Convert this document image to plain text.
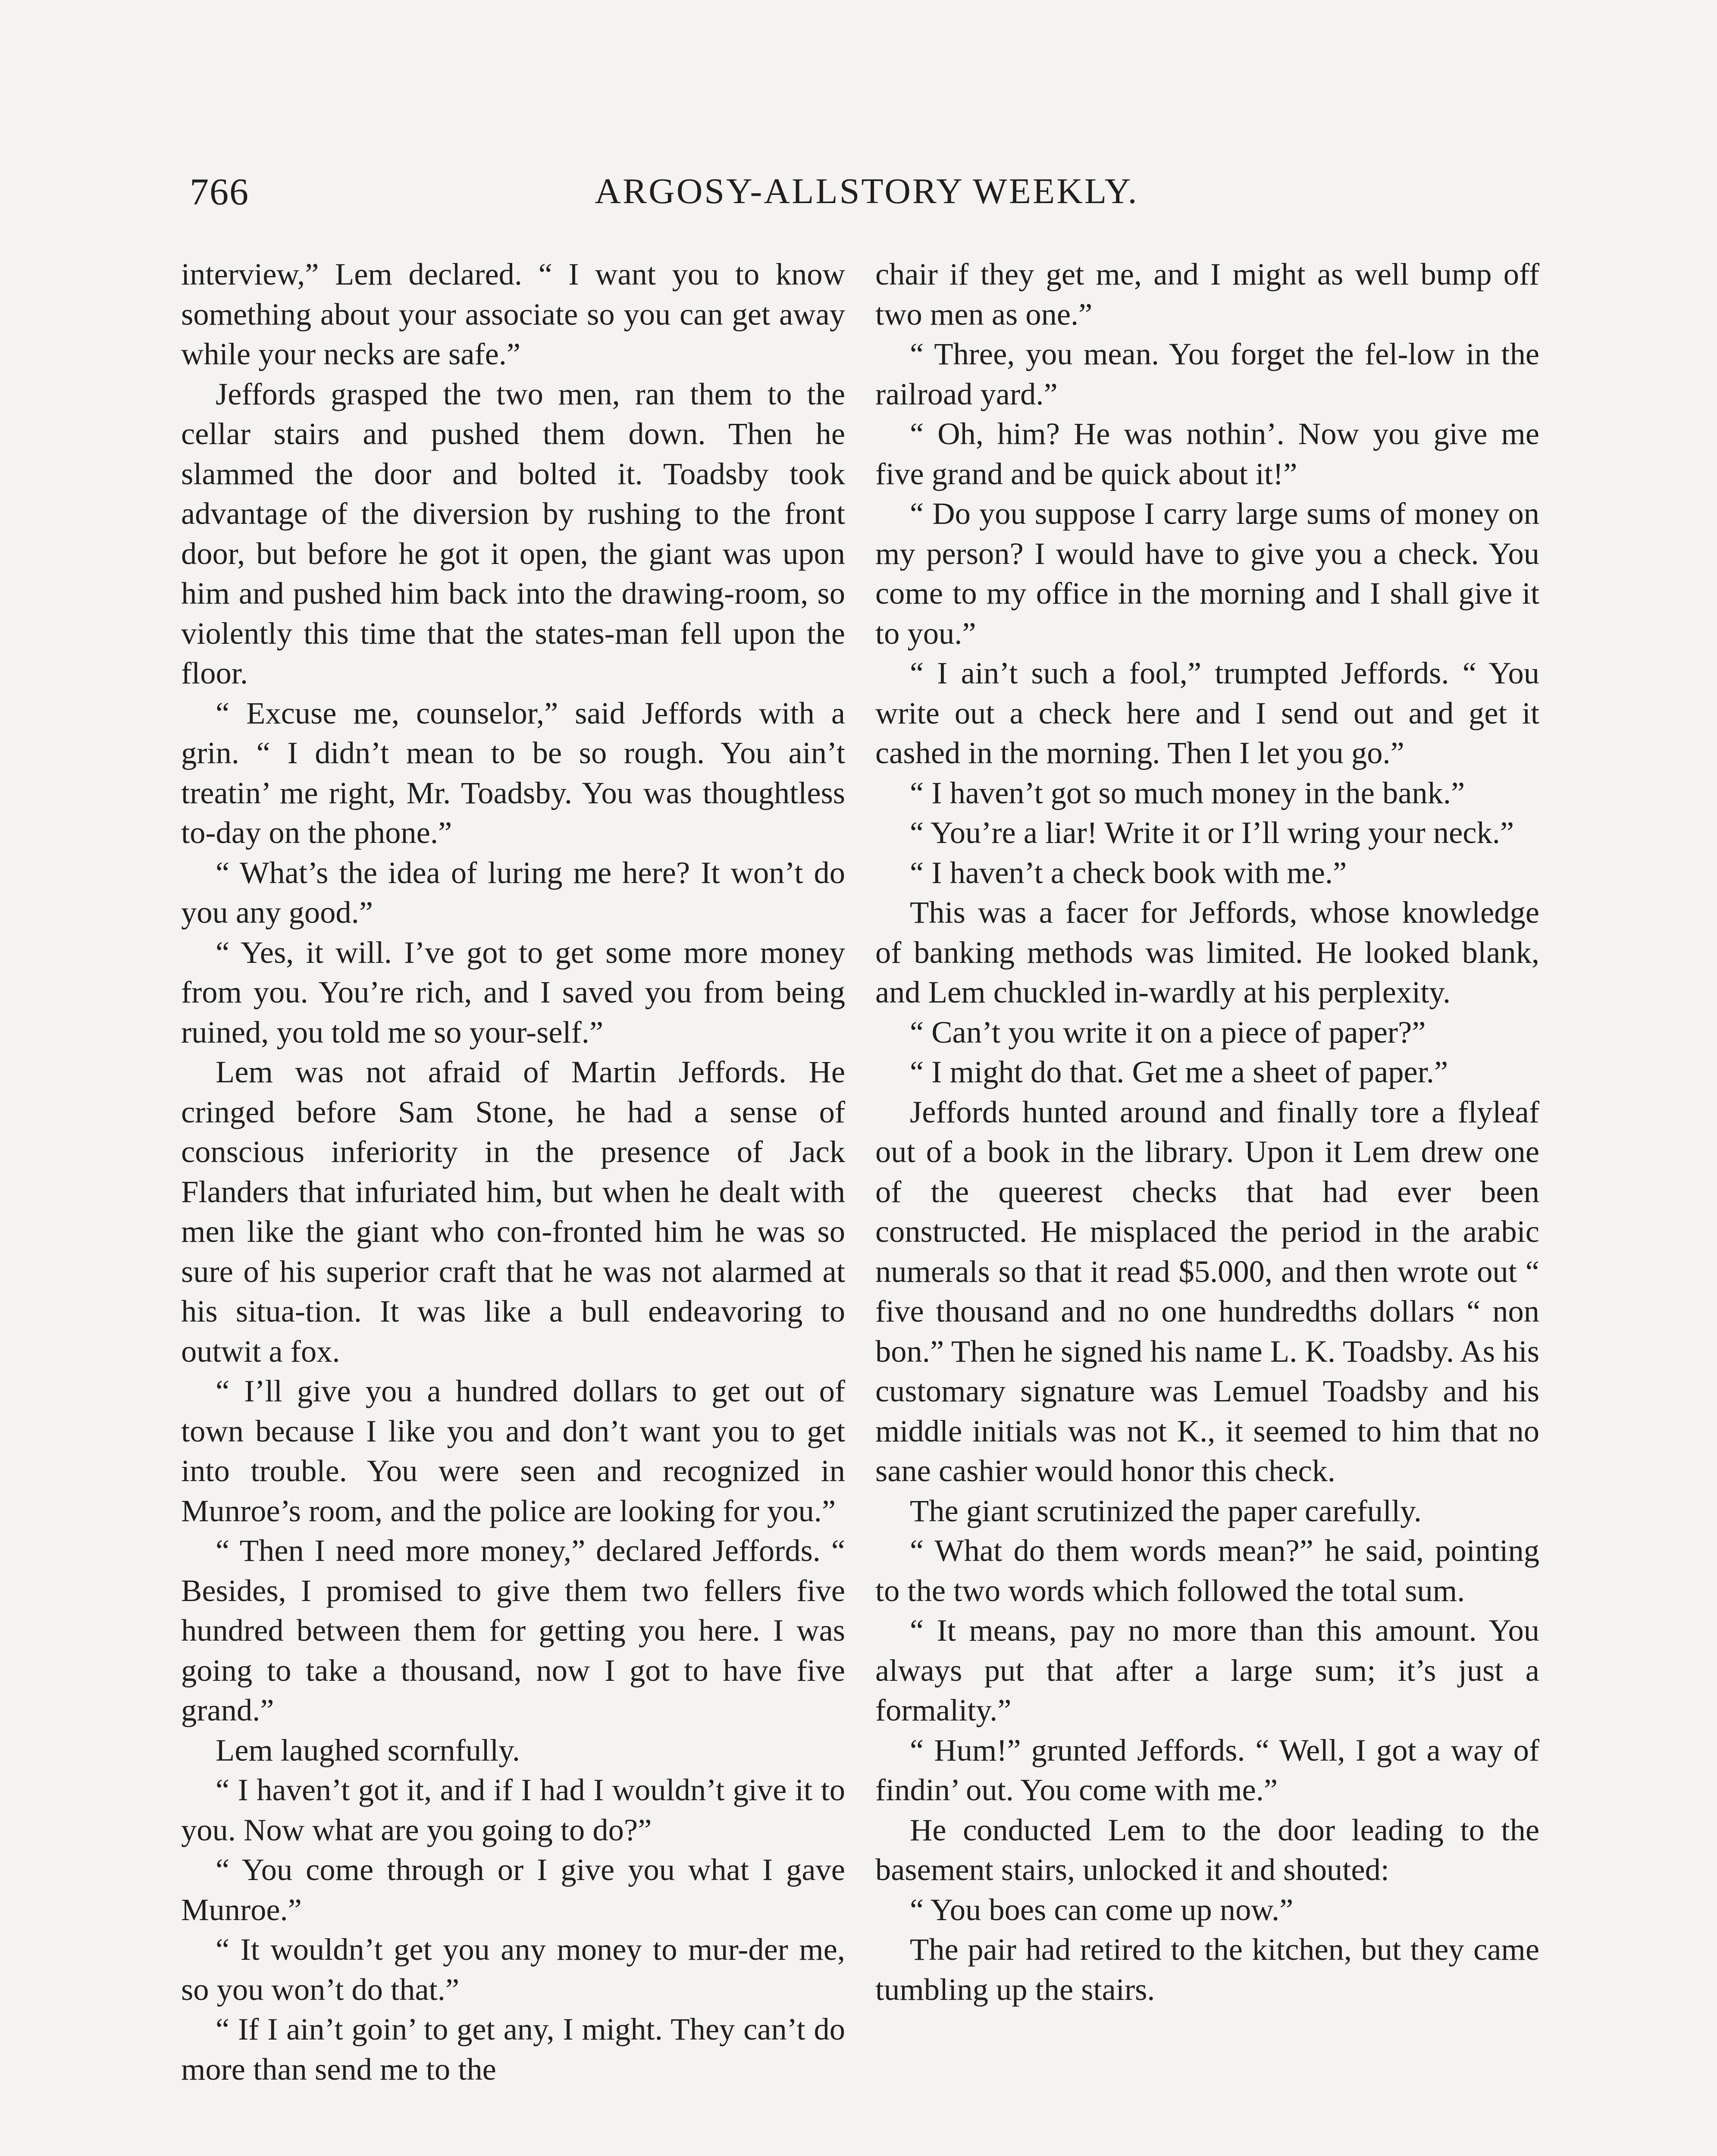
766	ARGOSY-ALLSTORY WEEKLY.

interview,” Lem declared. “ I want you to know something about your associate so you can get away while your necks are safe.”

Jeffords grasped the two men, ran them to the cellar stairs and pushed them down. Then he slammed the door and bolted it. Toadsby took advantage of the diversion by rushing to the front door, but before he got it open, the giant was upon him and pushed him back into the drawing-room, so violently this time that the states-man fell upon the floor.

“ Excuse me, counselor,” said Jeffords with a grin. “ I didn’t mean to be so rough. You ain’t treatin’ me right, Mr. Toadsby. You was thoughtless to-day on the phone.”

“ What’s the idea of luring me here? It won’t do you any good.”

“ Yes, it will. I’ve got to get some more money from you. You’re rich, and I saved you from being ruined, you told me so your-self.”

Lem was not afraid of Martin Jeffords. He cringed before Sam Stone, he had a sense of conscious inferiority in the presence of Jack Flanders that infuriated him, but when he dealt with men like the giant who con-fronted him he was so sure of his superior craft that he was not alarmed at his situa-tion. It was like a bull endeavoring to outwit a fox.

“ I’ll give you a hundred dollars to get out of town because I like you and don’t want you to get into trouble. You were seen and recognized in Munroe’s room, and the police are looking for you.”

“ Then I need more money,” declared Jeffords. “ Besides, I promised to give them two fellers five hundred between them for getting you here. I was going to take a thousand, now I got to have five grand.”

Lem laughed scornfully.

“ I haven’t got it, and if I had I wouldn’t give it to you. Now what are you going to do?”

“ You come through or I give you what I gave Munroe.”

“ It wouldn’t get you any money to mur-der me, so you won’t do that.”

“ If I ain’t goin’ to get any, I might. They can’t do more than send me to the

chair if they get me, and I might as well bump off two men as one.”

“ Three, you mean. You forget the fel-low in the railroad yard.”

“ Oh, him? He was nothin’. Now you give me five grand and be quick about it!”

“ Do you suppose I carry large sums of money on my person? I would have to give you a check. You come to my office in the morning and I shall give it to you.”

“ I ain’t such a fool,” trumpted Jeffords. “ You write out a check here and I send out and get it cashed in the morning. Then I let you go.”

“ I haven’t got so much money in the bank.”

“ You’re a liar! Write it or I’ll wring your neck.”

“ I haven’t a check book with me.”

This was a facer for Jeffords, whose knowledge of banking methods was limited. He looked blank, and Lem chuckled in-wardly at his perplexity.

“ Can’t you write it on a piece of paper?”

“ I might do that. Get me a sheet of paper.”

Jeffords hunted around and finally tore a flyleaf out of a book in the library. Upon it Lem drew one of the queerest checks that had ever been constructed. He misplaced the period in the arabic numerals so that it read $5.000, and then wrote out “ five thousand and no one hundredths dollars “ non bon.” Then he signed his name L. K. Toadsby. As his customary signature was Lemuel Toadsby and his middle initials was not K., it seemed to him that no sane cashier would honor this check.

The giant scrutinized the paper carefully.

“ What do them words mean?” he said, pointing to the two words which followed the total sum.

“ It means, pay no more than this amount. You always put that after a large sum; it’s just a formality.”

“ Hum!” grunted Jeffords. “ Well, I got a way of findin’ out. You come with me.”

He conducted Lem to the door leading to the basement stairs, unlocked it and shouted:

“ You boes can come up now.”

The pair had retired to the kitchen, but they came tumbling up the stairs.
